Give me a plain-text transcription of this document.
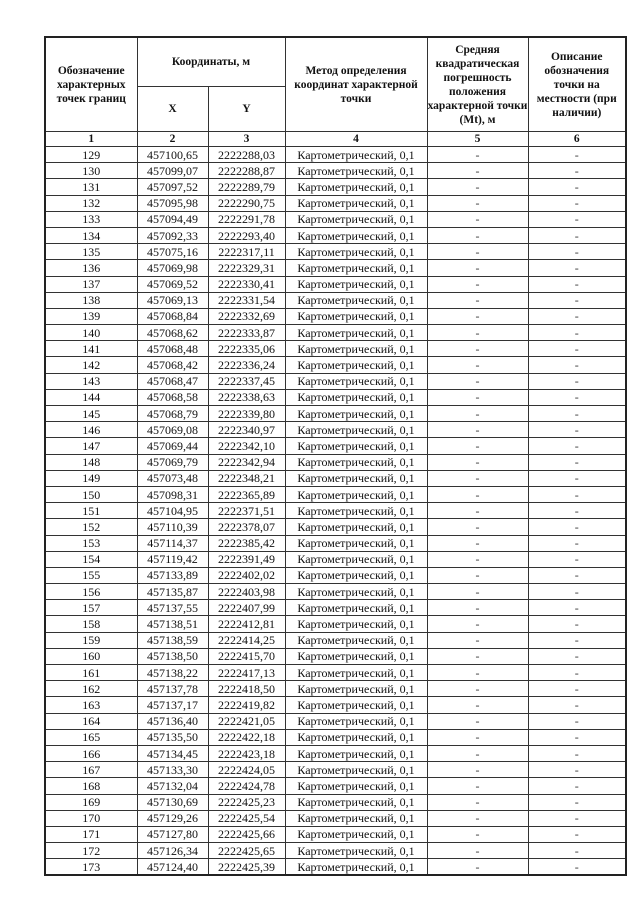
Обозначение характерных точек границ	Координаты, м		Метод определения координат характерной точки	Средняя квадратическая погрешность положения характерной точки (Mt), м	Описание обозначения точки на местности (при наличии)
	X	Y			
1	2	3	4	5	6
129	457100,65	2222288,03	Картометрический, 0,1	-	-
130	457099,07	2222288,87	Картометрический, 0,1	-	-
131	457097,52	2222289,79	Картометрический, 0,1	-	-
132	457095,98	2222290,75	Картометрический, 0,1	-	-
133	457094,49	2222291,78	Картометрический, 0,1	-	-
134	457092,33	2222293,40	Картометрический, 0,1	-	-
135	457075,16	2222317,11	Картометрический, 0,1	-	-
136	457069,98	2222329,31	Картометрический, 0,1	-	-
137	457069,52	2222330,41	Картометрический, 0,1	-	-
138	457069,13	2222331,54	Картометрический, 0,1	-	-
139	457068,84	2222332,69	Картометрический, 0,1	-	-
140	457068,62	2222333,87	Картометрический, 0,1	-	-
141	457068,48	2222335,06	Картометрический, 0,1	-	-
142	457068,42	2222336,24	Картометрический, 0,1	-	-
143	457068,47	2222337,45	Картометрический, 0,1	-	-
144	457068,58	2222338,63	Картометрический, 0,1	-	-
145	457068,79	2222339,80	Картометрический, 0,1	-	-
146	457069,08	2222340,97	Картометрический, 0,1	-	-
147	457069,44	2222342,10	Картометрический, 0,1	-	-
148	457069,79	2222342,94	Картометрический, 0,1	-	-
149	457073,48	2222348,21	Картометрический, 0,1	-	-
150	457098,31	2222365,89	Картометрический, 0,1	-	-
151	457104,95	2222371,51	Картометрический, 0,1	-	-
152	457110,39	2222378,07	Картометрический, 0,1	-	-
153	457114,37	2222385,42	Картометрический, 0,1	-	-
154	457119,42	2222391,49	Картометрический, 0,1	-	-
155	457133,89	2222402,02	Картометрический, 0,1	-	-
156	457135,87	2222403,98	Картометрический, 0,1	-	-
157	457137,55	2222407,99	Картометрический, 0,1	-	-
158	457138,51	2222412,81	Картометрический, 0,1	-	-
159	457138,59	2222414,25	Картометрический, 0,1	-	-
160	457138,50	2222415,70	Картометрический, 0,1	-	-
161	457138,22	2222417,13	Картометрический, 0,1	-	-
162	457137,78	2222418,50	Картометрический, 0,1	-	-
163	457137,17	2222419,82	Картометрический, 0,1	-	-
164	457136,40	2222421,05	Картометрический, 0,1	-	-
165	457135,50	2222422,18	Картометрический, 0,1	-	-
166	457134,45	2222423,18	Картометрический, 0,1	-	-
167	457133,30	2222424,05	Картометрический, 0,1	-	-
168	457132,04	2222424,78	Картометрический, 0,1	-	-
169	457130,69	2222425,23	Картометрический, 0,1	-	-
170	457129,26	2222425,54	Картометрический, 0,1	-	-
171	457127,80	2222425,66	Картометрический, 0,1	-	-
172	457126,34	2222425,65	Картометрический, 0,1	-	-
173	457124,40	2222425,39	Картометрический, 0,1	-	-
